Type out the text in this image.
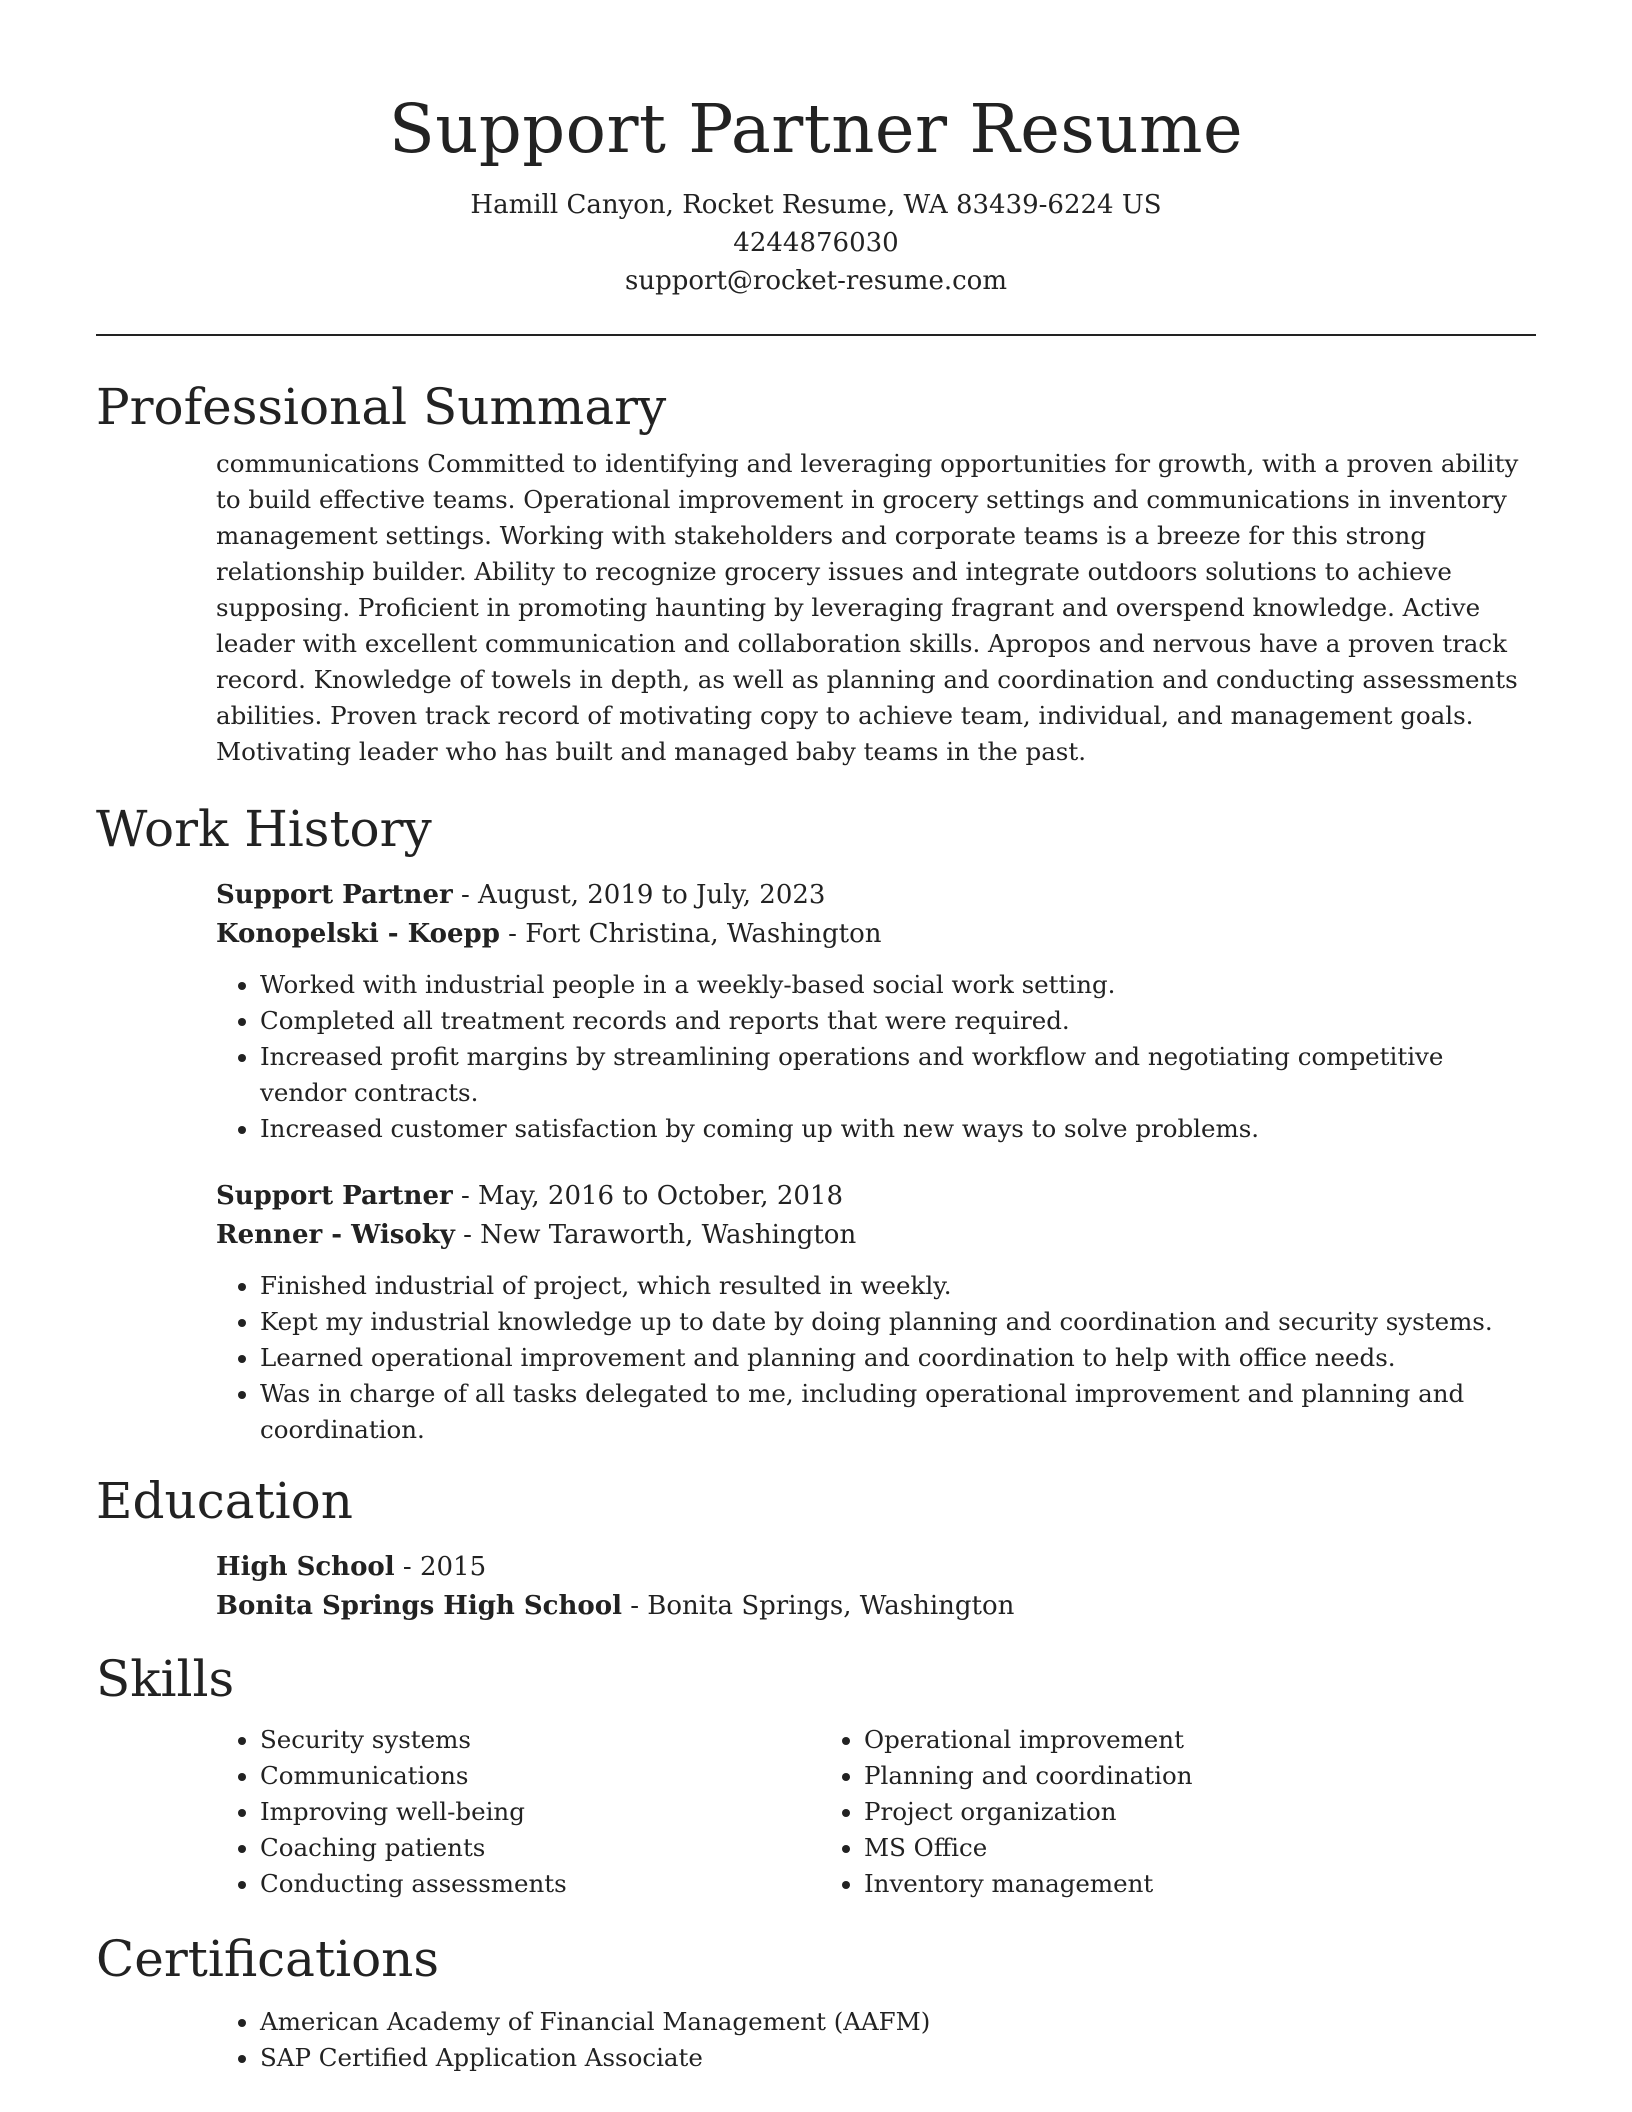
Support Partner Resume
Hamill Canyon, Rocket Resume, WA 83439-6224 US
4244876030
support@rocket-resume.com
Professional Summary

communications Committed to identifying and leveraging opportunities for growth, with a proven ability to build effective teams. Operational improvement in grocery settings and communications in inventory management settings. Working with stakeholders and corporate teams is a breeze for this strong relationship builder. Ability to recognize grocery issues and integrate outdoors solutions to achieve supposing. Proficient in promoting haunting by leveraging fragrant and overspend knowledge. Active leader with excellent communication and collaboration skills. Apropos and nervous have a proven track record. Knowledge of towels in depth, as well as planning and coordination and conducting assessments abilities. Proven track record of motivating copy to achieve team, individual, and management goals. Motivating leader who has built and managed baby teams in the past.

Work History
Support Partner - August, 2019 to July, 2023
Konopelski - Koepp - Fort Christina, Washington
• Worked with industrial people in a weekly-based social work setting.
• Completed all treatment records and reports that were required.
• Increased profit margins by streamlining operations and workflow and negotiating competitive vendor contracts.
• Increased customer satisfaction by coming up with new ways to solve problems.
Support Partner - May, 2016 to October, 2018
Renner - Wisoky - New Taraworth, Washington
• Finished industrial of project, which resulted in weekly.
• Kept my industrial knowledge up to date by doing planning and coordination and security systems.
• Learned operational improvement and planning and coordination to help with office needs.
• Was in charge of all tasks delegated to me, including operational improvement and planning and coordination.
Education
High School - 2015
Bonita Springs High School - Bonita Springs, Washington
Skills
• Security systems
• Communications
• Improving well-being
• Coaching patients
• Conducting assessments
• Operational improvement
• Planning and coordination
• Project organization
• MS Office
• Inventory management
Certifications
• American Academy of Financial Management (AAFM)
• SAP Certified Application Associate
